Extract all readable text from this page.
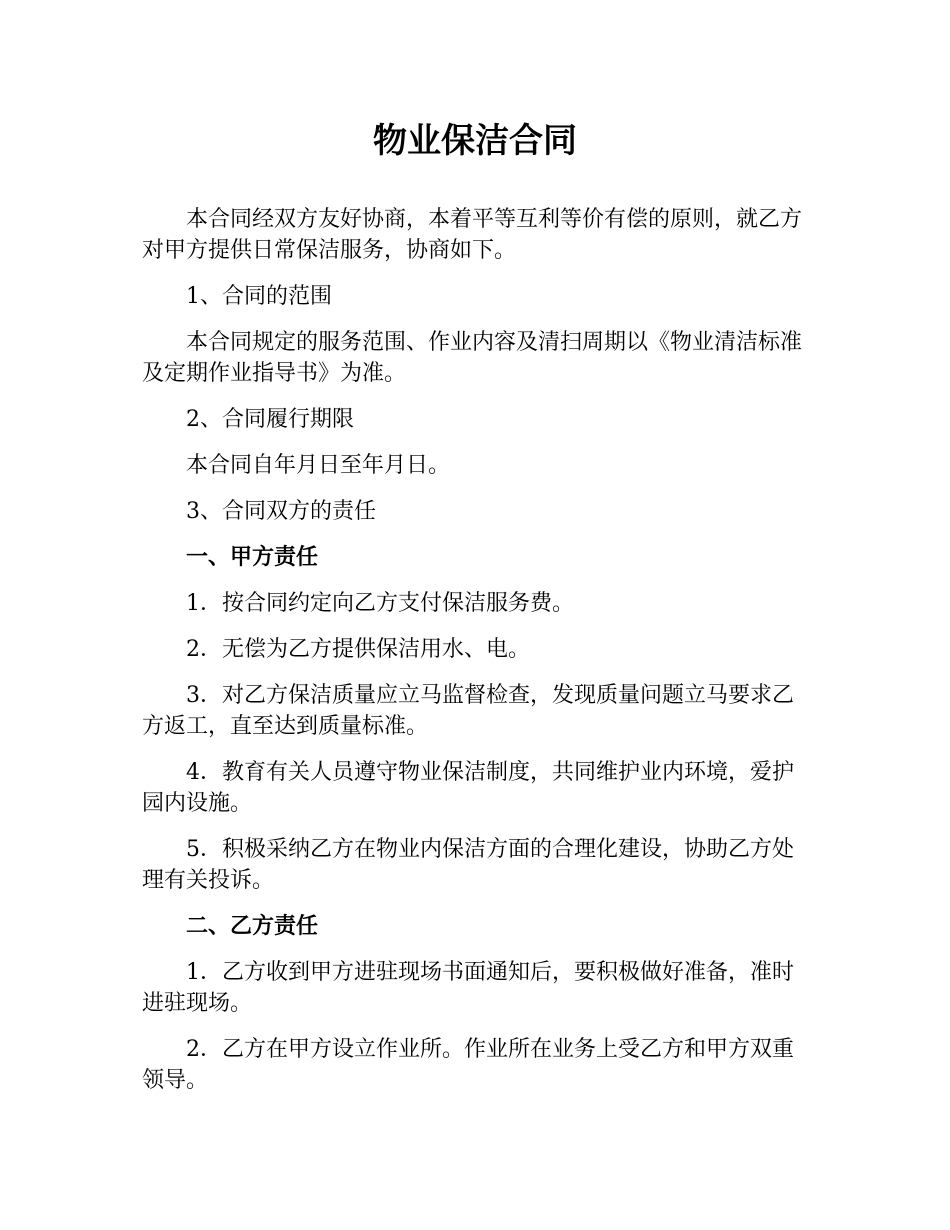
物业保洁合同

本合同经双方友好协商，本着平等互利等价有偿的原则，就乙方对甲方提供日常保洁服务，协商如下。

1、合同的范围

本合同规定的服务范围、作业内容及清扫周期以《物业清洁标准及定期作业指导书》为准。

2、合同履行期限

本合同自年月日至年月日。

3、合同双方的责任

一、甲方责任

1．按合同约定向乙方支付保洁服务费。

2．无偿为乙方提供保洁用水、电。

3．对乙方保洁质量应立马监督检查，发现质量问题立马要求乙方返工，直至达到质量标准。

4．教育有关人员遵守物业保洁制度，共同维护业内环境，爱护园内设施。

5．积极采纳乙方在物业内保洁方面的合理化建设，协助乙方处理有关投诉。

二、乙方责任

1．乙方收到甲方进驻现场书面通知后，要积极做好准备，准时进驻现场。

2．乙方在甲方设立作业所。作业所在业务上受乙方和甲方双重领导。
